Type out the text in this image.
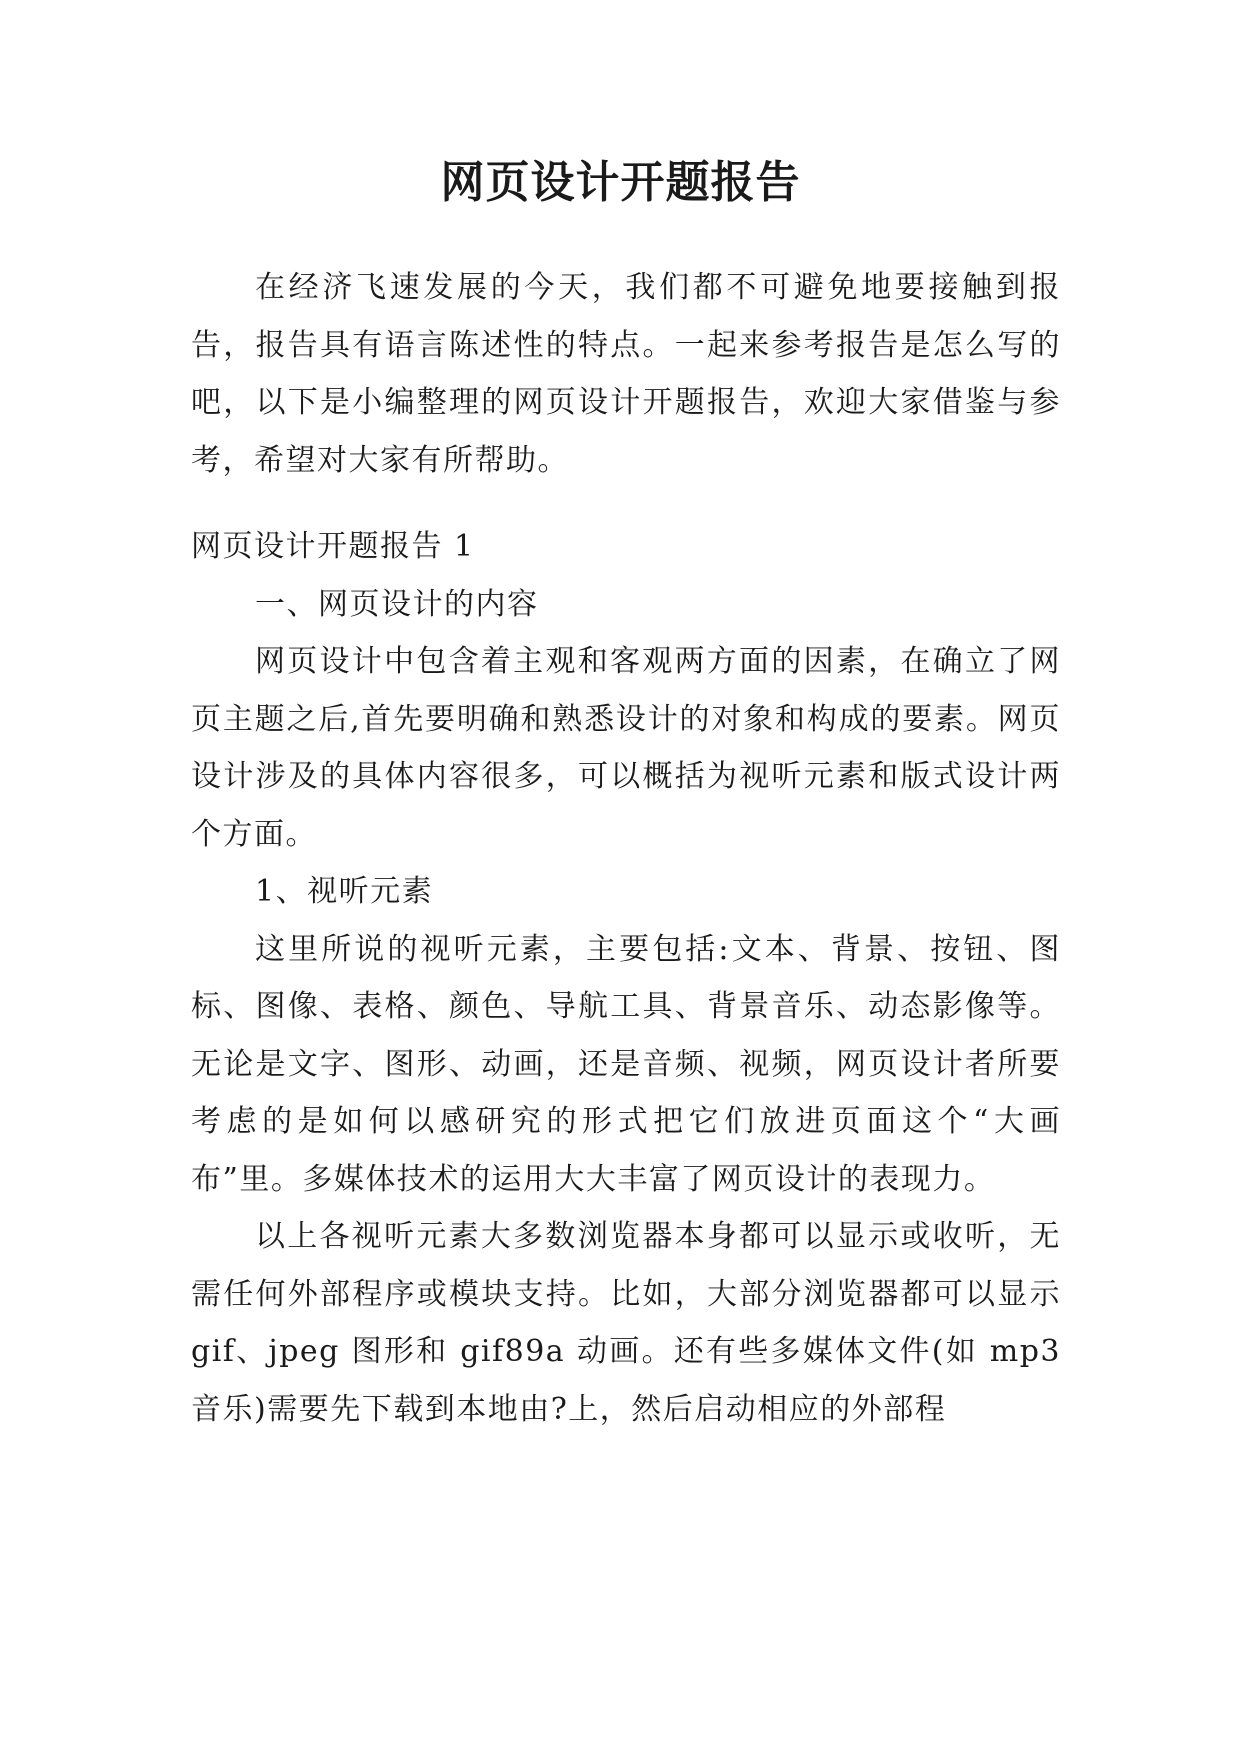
网页设计开题报告

在经济飞速发展的今天，我们都不可避免地要接触到报告，报告具有语言陈述性的特点。一起来参考报告是怎么写的吧，以下是小编整理的网页设计开题报告，欢迎大家借鉴与参考，希望对大家有所帮助。

网页设计开题报告 1

一、网页设计的内容

网页设计中包含着主观和客观两方面的因素，在确立了网页主题之后,首先要明确和熟悉设计的对象和构成的要素。网页设计涉及的具体内容很多，可以概括为视听元素和版式设计两个方面。

1、视听元素

这里所说的视听元素，主要包括:文本、背景、按钮、图标、图像、表格、颜色、导航工具、背景音乐、动态影像等。无论是文字、图形、动画，还是音频、视频，网页设计者所要考虑的是如何以感研究的形式把它们放进页面这个“大画布”里。多媒体技术的运用大大丰富了网页设计的表现力。

以上各视听元素大多数浏览器本身都可以显示或收听，无需任何外部程序或模块支持。比如，大部分浏览器都可以显示 gif、jpeg 图形和 gif89a 动画。还有些多媒体文件(如 mp3 音乐)需要先下载到本地由?上，然后启动相应的外部程
